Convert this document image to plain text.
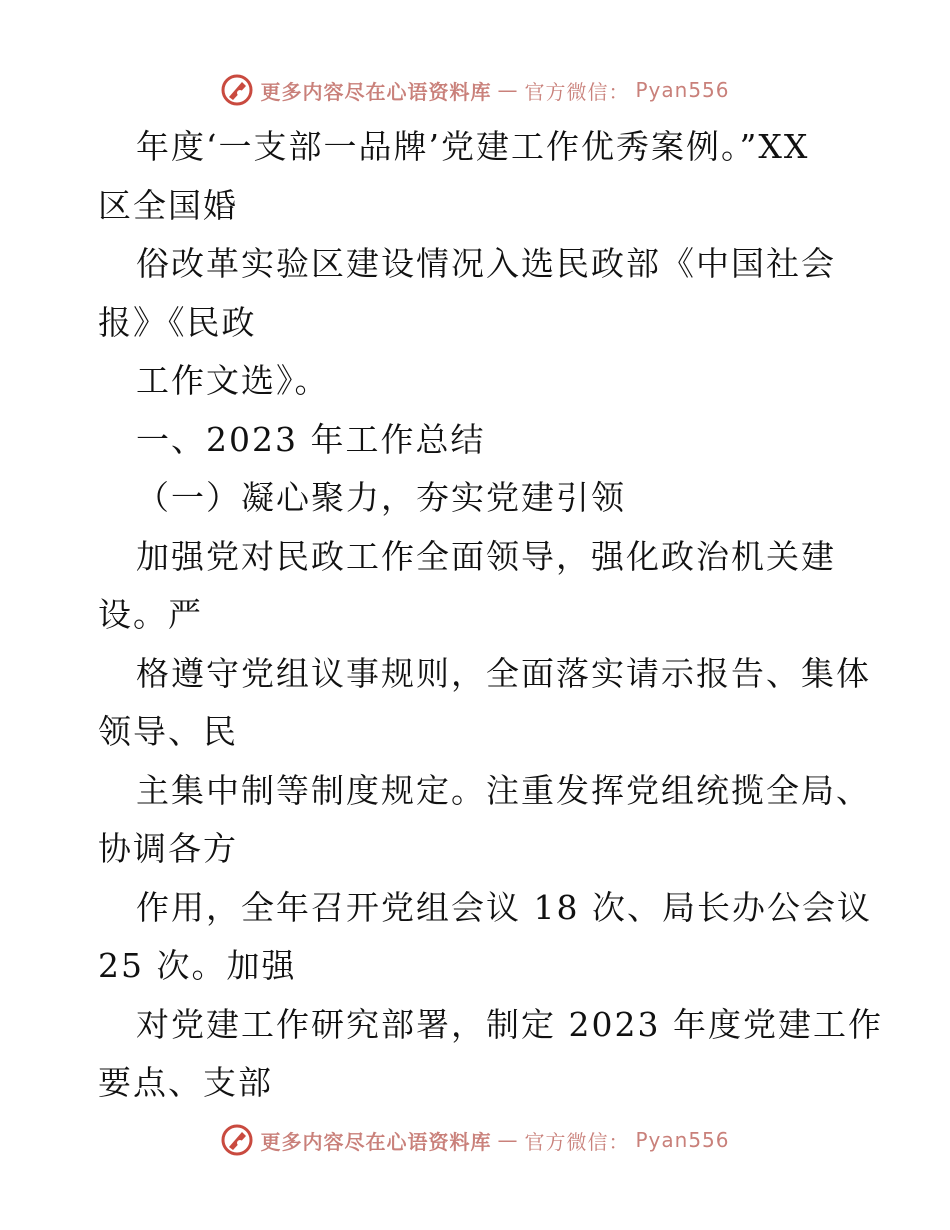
更多内容尽在心语资料库 — 官方微信： Pyan556
年度‘一支部一品牌’党建工作优秀案例。”XX
区全国婚
俗改革实验区建设情况入选民政部《中国社会
报》《民政
工作文选》。
一、2023 年工作总结
（一）凝心聚力，夯实党建引领
加强党对民政工作全面领导，强化政治机关建
设。严
格遵守党组议事规则，全面落实请示报告、集体
领导、民
主集中制等制度规定。注重发挥党组统揽全局、
协调各方
作用，全年召开党组会议 18 次、局长办公会议
25 次。加强
对党建工作研究部署，制定 2023 年度党建工作
要点、支部
更多内容尽在心语资料库 — 官方微信： Pyan556
